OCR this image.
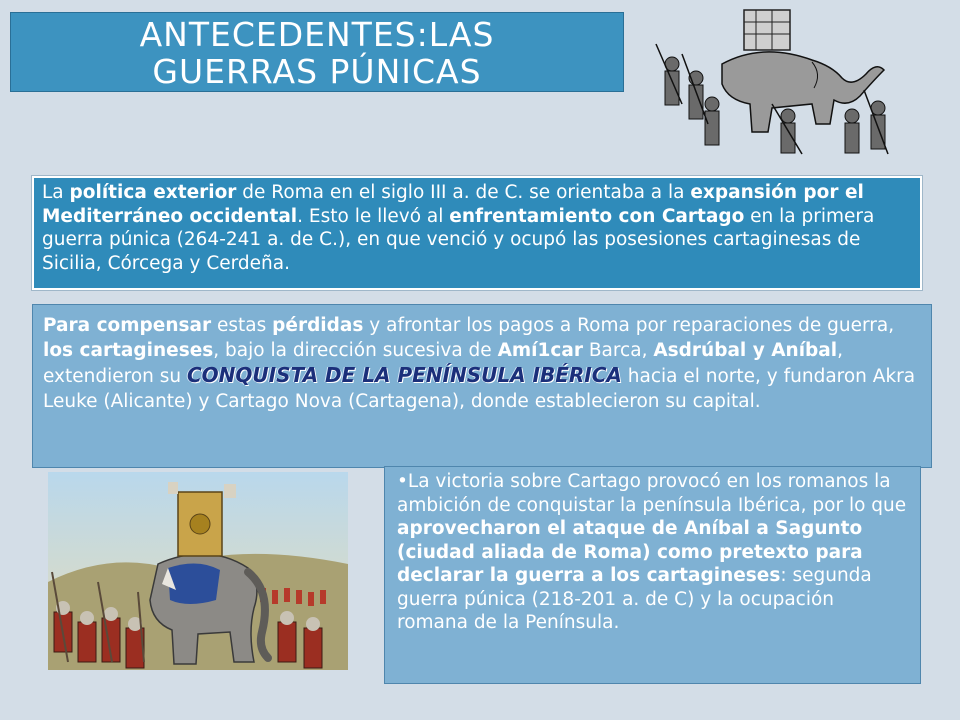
ANTECEDENTES:LAS
GUERRAS PÚNICAS
La política exterior de Roma en el siglo III a. de C. se orientaba a la expansión por el Mediterráneo occidental. Esto le llevó al enfrentamiento con Cartago en la primera guerra púnica (264-241 a. de C.), en que venció y ocupó las posesiones cartaginesas de Sicilia, Córcega y Cerdeña.
Para compensar estas pérdidas y afrontar los pagos a Roma por reparaciones de guerra, los cartagineses, bajo la dirección sucesiva de Amí1car Barca, Asdrúbal y Aníbal, extendieron su CONQUISTA DE LA PENÍNSULA IBÉRICA hacia el norte, y fundaron Akra Leuke (Alicante) y Cartago Nova (Cartagena), donde establecieron su capital.
•La victoria sobre Cartago provocó en los romanos la ambición de conquistar la península Ibérica, por lo que aprovecharon el ataque de Aníbal a Sagunto (ciudad aliada de Roma) como pretexto para declarar la guerra a los cartagineses: segunda guerra púnica (218-201 a. de C) y la ocupación romana de la Península.
